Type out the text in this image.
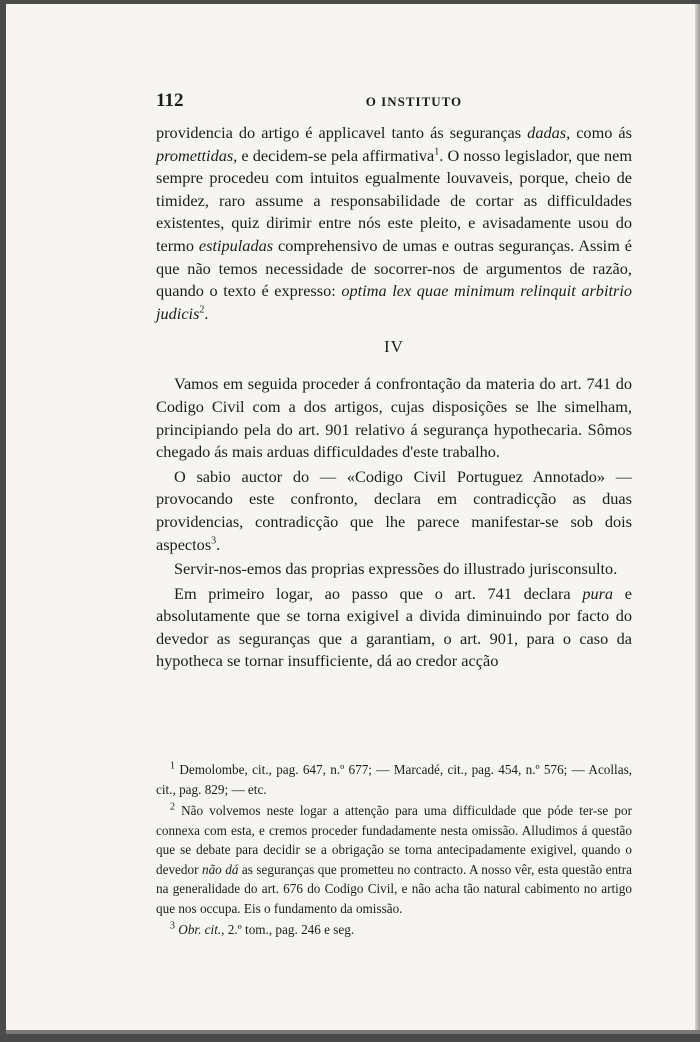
112	O INSTITUTO

providencia do artigo é applicavel tanto ás seguranças dadas, como ás promettidas, e decidem-se pela affirmativa$^1$. O nosso legislador, que nem sempre procedeu com intuitos egualmente louvaveis, porque, cheio de timidez, raro assume a responsabilidade de cortar as difficuldades existentes, quiz dirimir entre nós este pleito, e avisadamente usou do termo estipuladas comprehensivo de umas e outras seguranças. Assim é que não temos necessidade de socorrer-nos de argumentos de razão, quando o texto é expresso: optima lex quae minimum relinquit arbitrio judicis$^2$.

IV

Vamos em seguida proceder á confrontação da materia do art. 741 do Codigo Civil com a dos artigos, cujas disposições se lhe simelham, principiando pela do art. 901 relativo á segurança hypothecaria. Sômos chegado ás mais arduas difficuldades d'este trabalho.

O sabio auctor do — «Codigo Civil Portuguez Annotado» — provocando este confronto, declara em contradicção as duas providencias, contradicção que lhe parece manifestar-se sob dois aspectos$^3$.

Servir-nos-emos das proprias expressões do illustrado jurisconsulto.

Em primeiro logar, ao passo que o art. 741 declara pura e absolutamente que se torna exigivel a divida diminuindo por facto do devedor as seguranças que a garantiam, o art. 901, para o caso da hypotheca se tornar insufficiente, dá ao credor acção

$^1$ Demolombe, cit., pag. 647, n.º 677; — Marcadé, cit., pag. 454, n.º 576; — Acollas, cit., pag. 829; — etc.

$^2$ Não volvemos neste logar a attenção para uma difficuldade que póde ter-se por connexa com esta, e cremos proceder fundadamente nesta omissão. Alludimos á questão que se debate para decidir se a obrigação se torna antecipadamente exigivel, quando o devedor não dá as seguranças que prometteu no contracto. A nosso vêr, esta questão entra na generalidade do art. 676 do Codigo Civil, e não acha tão natural cabimento no artigo que nos occupa. Eis o fundamento da omissão.

$^3$ Obr. cit., 2.º tom., pag. 246 e seg.
